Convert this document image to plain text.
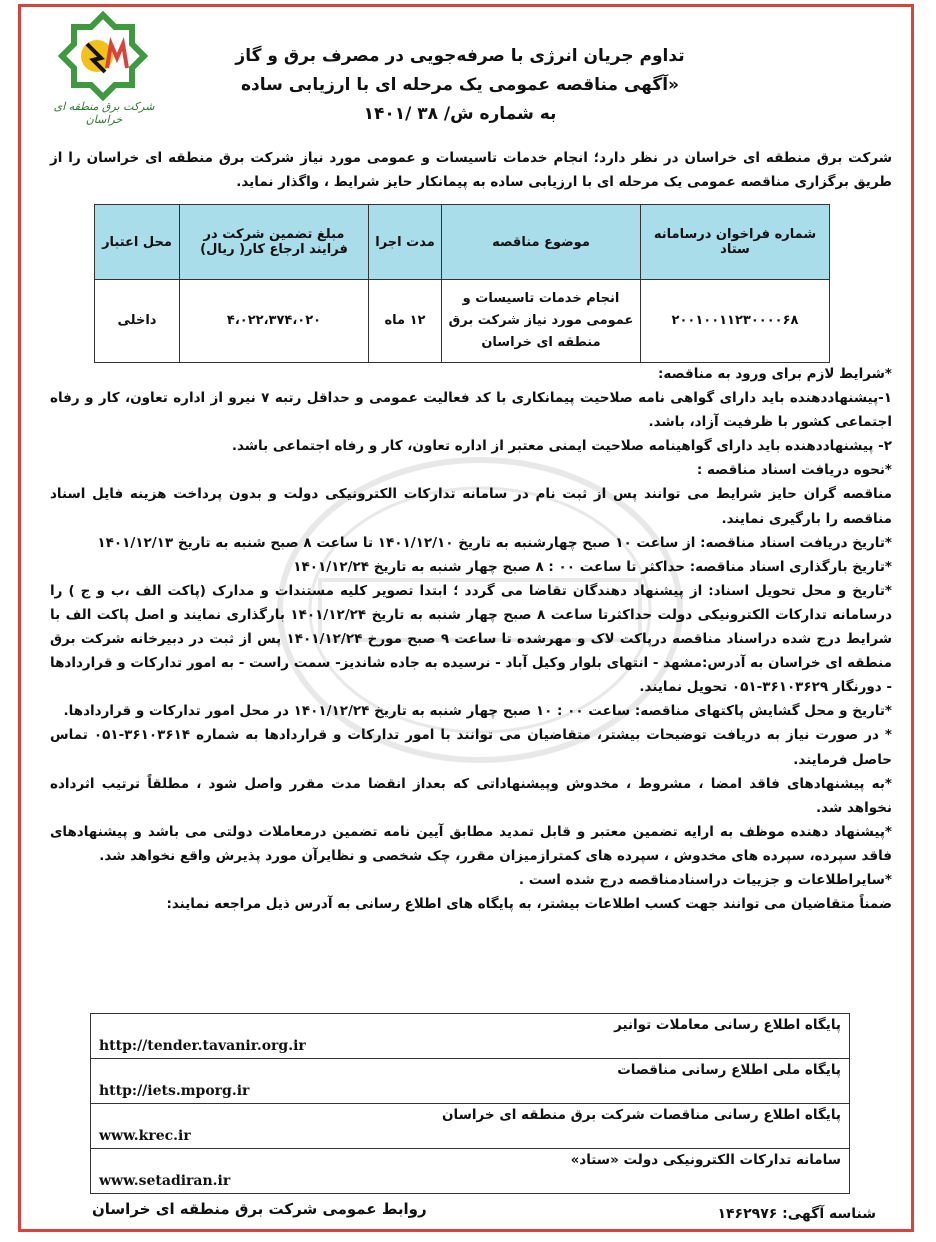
شرکت برق منطقه ای خراسان
تداوم جریان انرژی با صرفه‌جویی در مصرف برق و گاز
«آگهی مناقصه عمومی یک مرحله ای با ارزیابی ساده
به شماره ش/ ۳۸ /۱۴۰۱
شرکت برق منطقه ای خراسان در نظر دارد؛ انجام خدمات تاسیسات و عمومی مورد نیاز شرکت برق منطقه ای خراسان را از طریق برگزاری مناقصه عمومی یک مرحله ای با ارزیابی ساده به پیمانکار حایز شرایط ، واگذار نماید.
شماره فراخوان درسامانه ستاد	موضوع مناقصه	مدت اجرا	مبلغ تضمین شرکت در فرایند ارجاع کار( ریال)	محل اعتبار
۲۰۰۱۰۰۱۱۲۳۰۰۰۰۶۸	انجام خدمات تاسیسات و عمومی مورد نیاز شرکت برق منطقه ای خراسان	۱۲ ماه	۴،۰۲۲،۳۷۴،۰۲۰	داخلی

*شرایط لازم برای ورود به مناقصه:

۱-پیشنهاددهنده باید دارای گواهی نامه صلاحیت پیمانکاری با کد فعالیت عمومی و حداقل رتبه ۷ نیرو از اداره تعاون، کار و رفاه اجتماعی کشور با ظرفیت آزاد، باشد.

۲- پیشنهاددهنده باید دارای گواهینامه صلاحیت ایمنی معتبر از اداره تعاون، کار و رفاه اجتماعی باشد.

*نحوه دریافت اسناد مناقصه :

مناقصه گران حایز شرایط می توانند پس از ثبت نام در سامانه تدارکات الکترونیکی دولت و بدون پرداخت هزینه فایل اسناد مناقصه را بارگیری نمایند.

*تاریخ دریافت اسناد مناقصه: از ساعت ۱۰ صبح چهارشنبه به تاریخ ۱۴۰۱/۱۲/۱۰ تا ساعت ۸ صبح شنبه به تاریخ ۱۴۰۱/۱۲/۱۳

*تاریخ بارگذاری اسناد مناقصه: حداکثر تا ساعت ۰۰ : ۸ صبح چهار شنبه به تاریخ ۱۴۰۱/۱۲/۲۴

*تاریخ و محل تحویل اسناد: از پیشنهاد دهندگان تقاضا می گردد ؛ ابتدا تصویر کلیه مستندات و مدارک (پاکت الف ،ب و ج ) را درسامانه تدارکات الکترونیکی دولت حداکثرتا ساعت ۸ صبح چهار شنبه به تاریخ ۱۴۰۱/۱۲/۲۴ بارگذاری نمایند و اصل پاکت الف با شرایط درج شده دراسناد مناقصه درپاکت لاک و مهرشده تا ساعت ۹ صبح مورخ ۱۴۰۱/۱۲/۲۴ پس از ثبت در دبیرخانه شرکت برق منطقه ای خراسان به آدرس:مشهد - انتهای بلوار وکیل آباد - نرسیده به جاده شاندیز- سمت راست - به امور تدارکات و قراردادها - دورنگار ۳۶۱۰۳۶۲۹-۰۵۱ تحویل نمایند.

*تاریخ و محل گشایش پاکتهای مناقصه: ساعت ۰۰ : ۱۰ صبح چهار شنبه به تاریخ ۱۴۰۱/۱۲/۲۴ در محل امور تدارکات و قراردادها.

* در صورت نیاز به دریافت توضیحات بیشتر، متقاضیان می توانند با امور تدارکات و قراردادها به شماره ۳۶۱۰۳۶۱۴-۰۵۱ تماس حاصل فرمایند.

*به پیشنهادهای فاقد امضا ، مشروط ، مخدوش وپیشنهاداتی که بعداز انقضا مدت مقرر واصل شود ، مطلقاً ترتیب اثرداده نخواهد شد.

*پیشنهاد دهنده موظف به ارایه تضمین معتبر و قابل تمدید مطابق آیین نامه تضمین درمعاملات دولتی می باشد و پیشنهادهای فاقد سپرده، سپرده های مخدوش ، سپرده های کمترازمیزان مقرر، چک شخصی و نظایرآن مورد پذیرش واقع نخواهد شد.

*سایراطلاعات و جزییات دراسنادمناقصه درج شده است .

ضمناً متقاضیان می توانند جهت کسب اطلاعات بیشتر، به پایگاه های اطلاع رسانی به آدرس ذیل مراجعه نمایند:

پایگاه اطلاع رسانی معاملات توانیر
http://tender.tavanir.org.ir

پایگاه ملی اطلاع رسانی مناقصات
http://iets.mporg.ir

پایگاه اطلاع رسانی مناقصات شرکت برق منطقه ای خراسان
www.krec.ir

سامانه تدارکات الکترونیکی دولت «ستاد»
www.setadiran.ir
روابط عمومی شرکت برق منطقه ای خراسان	شناسه آگهی: ۱۴۶۲۹۷۶
